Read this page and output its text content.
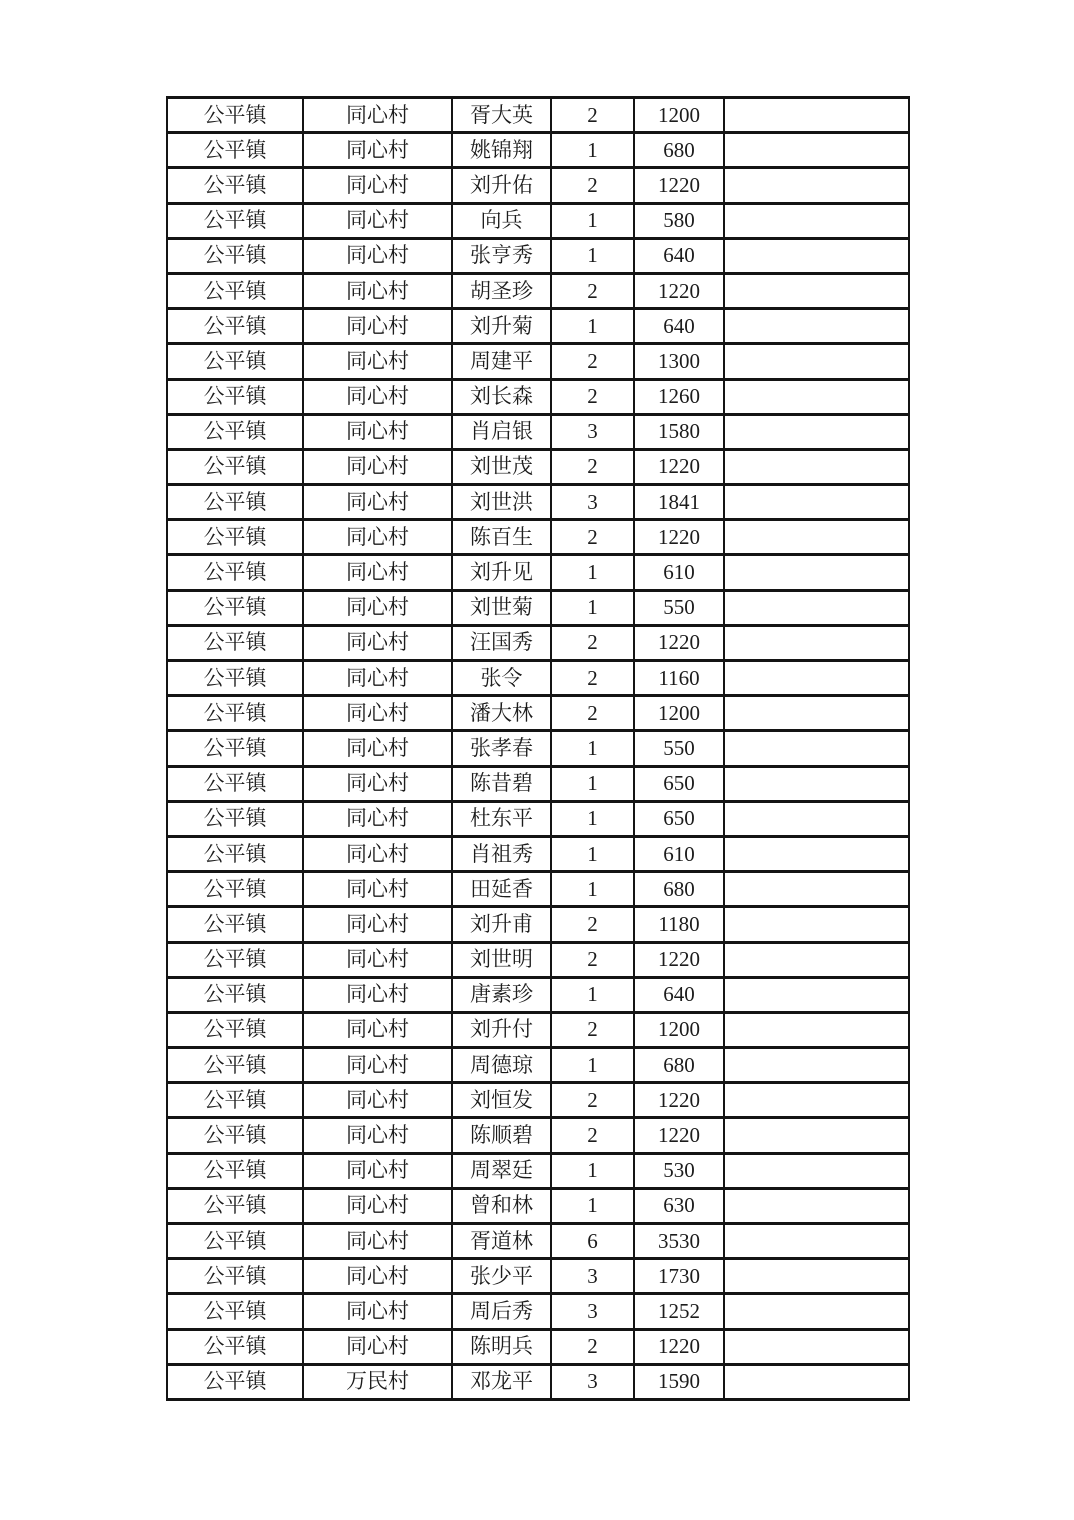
公平镇	同心村	胥大英	2	1200	
公平镇	同心村	姚锦翔	1	680	
公平镇	同心村	刘升佑	2	1220	
公平镇	同心村	向兵	1	580	
公平镇	同心村	张亨秀	1	640	
公平镇	同心村	胡圣珍	2	1220	
公平镇	同心村	刘升菊	1	640	
公平镇	同心村	周建平	2	1300	
公平镇	同心村	刘长森	2	1260	
公平镇	同心村	肖启银	3	1580	
公平镇	同心村	刘世茂	2	1220	
公平镇	同心村	刘世洪	3	1841	
公平镇	同心村	陈百生	2	1220	
公平镇	同心村	刘升见	1	610	
公平镇	同心村	刘世菊	1	550	
公平镇	同心村	汪国秀	2	1220	
公平镇	同心村	张令	2	1160	
公平镇	同心村	潘大林	2	1200	
公平镇	同心村	张孝春	1	550	
公平镇	同心村	陈昔碧	1	650	
公平镇	同心村	杜东平	1	650	
公平镇	同心村	肖祖秀	1	610	
公平镇	同心村	田延香	1	680	
公平镇	同心村	刘升甫	2	1180	
公平镇	同心村	刘世明	2	1220	
公平镇	同心村	唐素珍	1	640	
公平镇	同心村	刘升付	2	1200	
公平镇	同心村	周德琼	1	680	
公平镇	同心村	刘恒发	2	1220	
公平镇	同心村	陈顺碧	2	1220	
公平镇	同心村	周翠廷	1	530	
公平镇	同心村	曾和林	1	630	
公平镇	同心村	胥道林	6	3530	
公平镇	同心村	张少平	3	1730	
公平镇	同心村	周后秀	3	1252	
公平镇	同心村	陈明兵	2	1220	
公平镇	万民村	邓龙平	3	1590	
